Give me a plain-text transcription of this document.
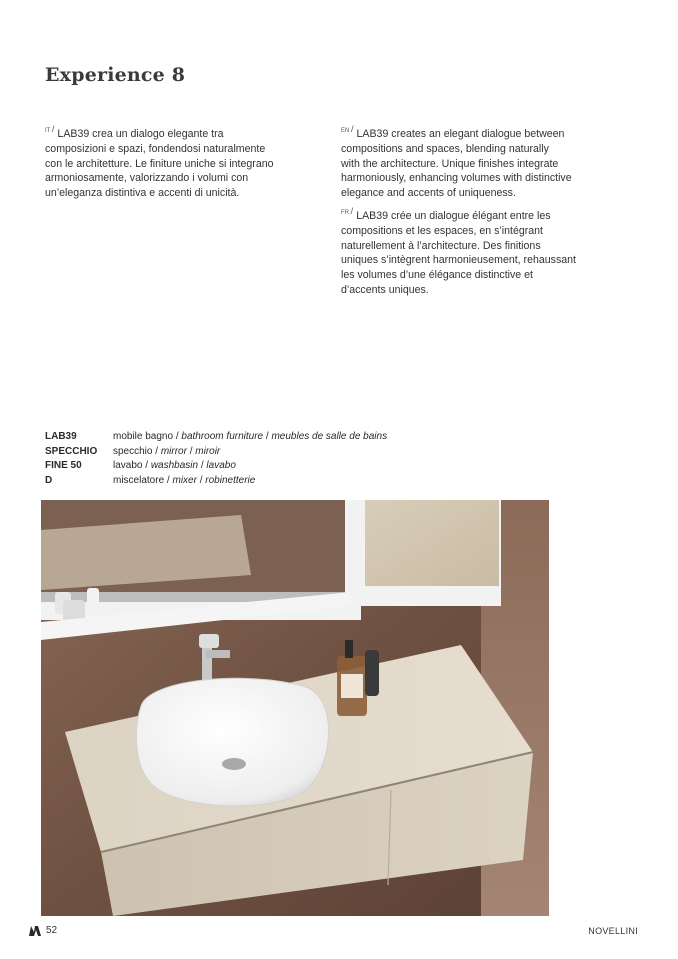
Experience 8

$^{IT /}$ LAB39 crea un dialogo elegante tra
composizioni e spazi, fondendosi naturalmente
con le architetture. Le finiture uniche si integrano
armoniosamente, valorizzando i volumi con
un’eleganza distintiva e accenti di unicità.

$^{EN /}$ LAB39 creates an elegant dialogue between
compositions and spaces, blending naturally
with the architecture. Unique finishes integrate
harmoniously, enhancing volumes with distinctive
elegance and accents of uniqueness.

$^{FR /}$ LAB39 crée un dialogue élégant entre les
compositions et les espaces, en s’intégrant
naturellement à l’architecture. Des finitions
uniques s’intègrent harmonieusement, rehaussant
les volumes d’une élégance distinctive et
d’accents uniques.

LAB39	mobile bagno / bathroom furniture / meubles de salle de bains
SPECCHIO	specchio / mirror / miroir
FINE 50	lavabo / washbasin / lavabo
D	miscelatore / mixer / robinetterie
52	NOVELLINI
